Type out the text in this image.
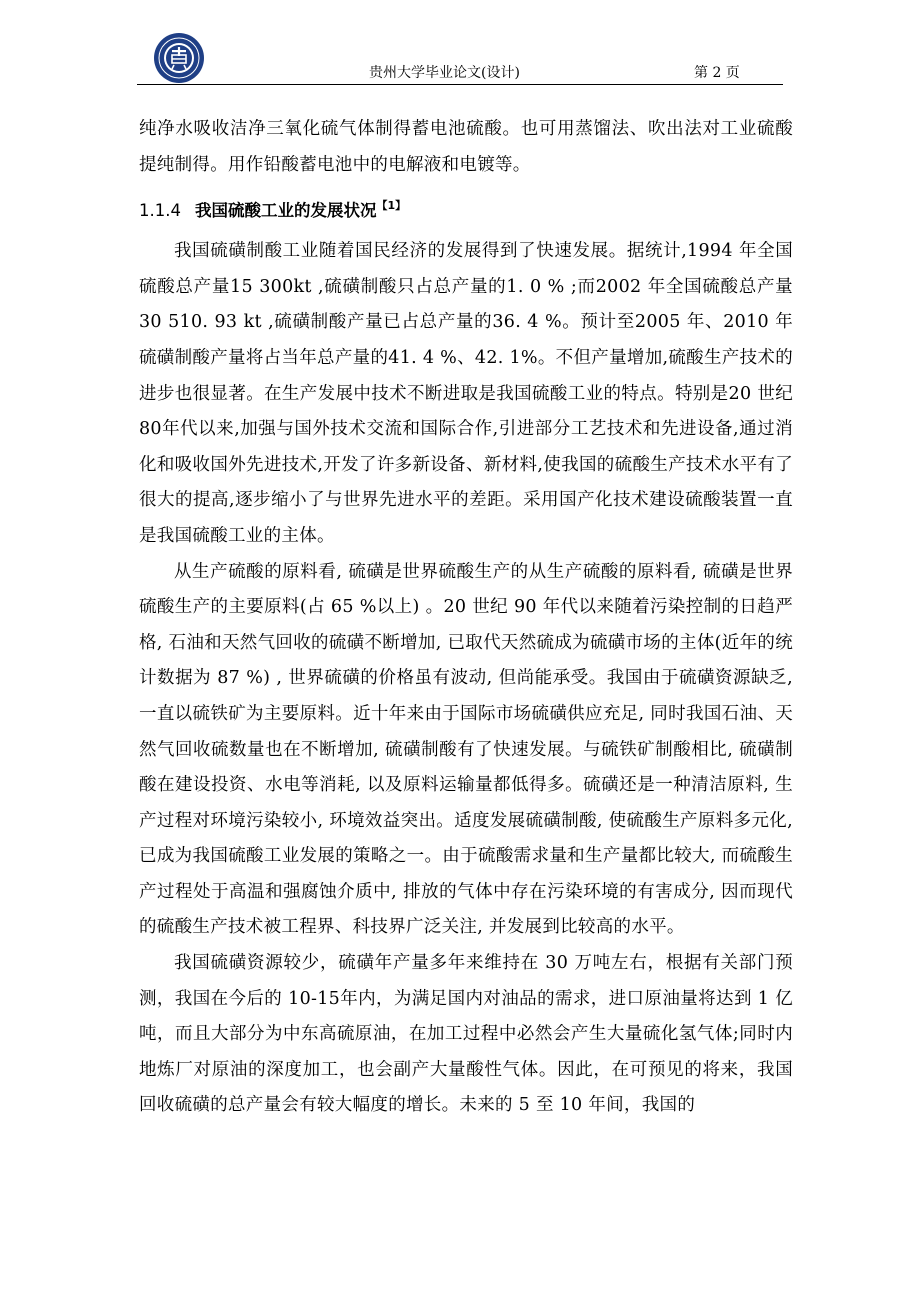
贵州大学毕业论文(设计)	第 2 页

纯净水吸收洁净三氧化硫气体制得蓄电池硫酸。也可用蒸馏法、吹出法对工业硫酸提纯制得。用作铅酸蓄电池中的电解液和电镀等。

1.1.4 我国硫酸工业的发展状况$^{【1】}$

我国硫磺制酸工业随着国民经济的发展得到了快速发展。据统计,1994 年全国硫酸总产量15 300kt ,硫磺制酸只占总产量的1. 0 % ;而2002 年全国硫酸总产量30 510. 93 kt ,硫磺制酸产量已占总产量的36. 4 %。预计至2005 年、2010 年硫磺制酸产量将占当年总产量的41. 4 %、42. 1%。不但产量增加,硫酸生产技术的进步也很显著。在生产发展中技术不断进取是我国硫酸工业的特点。特别是20 世纪80年代以来,加强与国外技术交流和国际合作,引进部分工艺技术和先进设备,通过消化和吸收国外先进技术,开发了许多新设备、新材料,使我国的硫酸生产技术水平有了很大的提高,逐步缩小了与世界先进水平的差距。采用国产化技术建设硫酸装置一直是我国硫酸工业的主体。

从生产硫酸的原料看, 硫磺是世界硫酸生产的从生产硫酸的原料看, 硫磺是世界硫酸生产的主要原料(占 65 %以上) 。20 世纪 90 年代以来随着污染控制的日趋严格, 石油和天然气回收的硫磺不断增加, 已取代天然硫成为硫磺市场的主体(近年的统计数据为 87 %) , 世界硫磺的价格虽有波动, 但尚能承受。我国由于硫磺资源缺乏, 一直以硫铁矿为主要原料。近十年来由于国际市场硫磺供应充足, 同时我国石油、天然气回收硫数量也在不断增加, 硫磺制酸有了快速发展。与硫铁矿制酸相比, 硫磺制酸在建设投资、水电等消耗, 以及原料运输量都低得多。硫磺还是一种清洁原料, 生产过程对环境污染较小, 环境效益突出。适度发展硫磺制酸, 使硫酸生产原料多元化, 已成为我国硫酸工业发展的策略之一。由于硫酸需求量和生产量都比较大, 而硫酸生产过程处于高温和强腐蚀介质中, 排放的气体中存在污染环境的有害成分, 因而现代的硫酸生产技术被工程界、科技界广泛关注, 并发展到比较高的水平。

我国硫磺资源较少，硫磺年产量多年来维持在 30 万吨左右，根据有关部门预测，我国在今后的 10-15年内，为满足国内对油品的需求，进口原油量将达到 1 亿吨，而且大部分为中东高硫原油，在加工过程中必然会产生大量硫化氢气体;同时内地炼厂对原油的深度加工，也会副产大量酸性气体。因此，在可预见的将来，我国回收硫磺的总产量会有较大幅度的增长。未来的 5 至 10 年间，我国的
